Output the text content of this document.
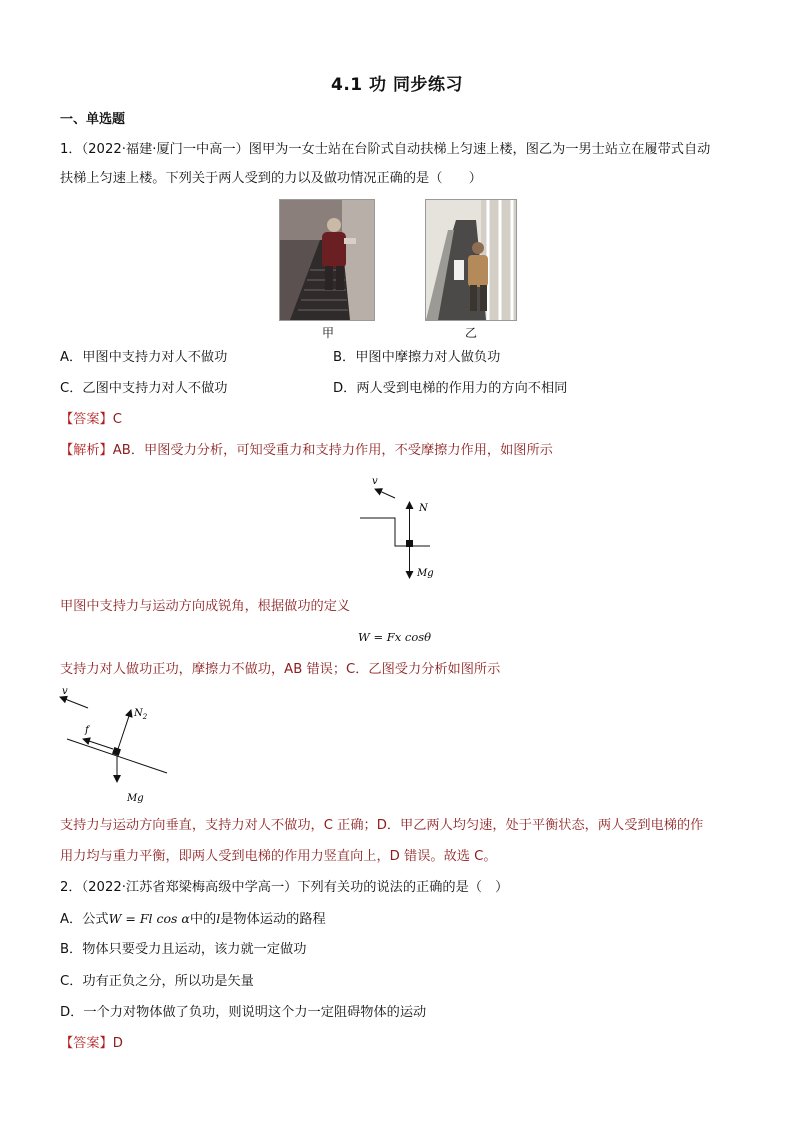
4.1 功 同步练习
一、单选题
1．（2022·福建·厦门一中高一）图甲为一女士站在台阶式自动扶梯上匀速上楼，图乙为一男士站立在履带式自动
扶梯上匀速上楼。下列关于两人受到的力以及做功情况正确的是（　　）
甲	乙
A．甲图中支持力对人不做功	B．甲图中摩擦力对人做负功
C．乙图中支持力对人不做功	D．两人受到电梯的作用力的方向不相同
【答案】C
【解析】AB．甲图受力分析，可知受重力和支持力作用，不受摩擦力作用，如图所示
v
N
Mg
甲图中支持力与运动方向成锐角，根据做功的定义
W = Fx cosθ
支持力对人做功正功，摩擦力不做功，AB 错误；C．乙图受力分析如图所示
v
$N_2$
f
Mg
支持力与运动方向垂直，支持力对人不做功，C 正确；D．甲乙两人均匀速，处于平衡状态，两人受到电梯的作
用力均与重力平衡，即两人受到电梯的作用力竖直向上，D 错误。故选 C。
2．（2022·江苏省郑梁梅高级中学高一）下列有关功的说法的正确的是（　）
A．公式W = Fl cos α中的l是物体运动的路程
B．物体只要受力且运动，该力就一定做功
C．功有正负之分，所以功是矢量
D．一个力对物体做了负功，则说明这个力一定阻碍物体的运动
【答案】D
